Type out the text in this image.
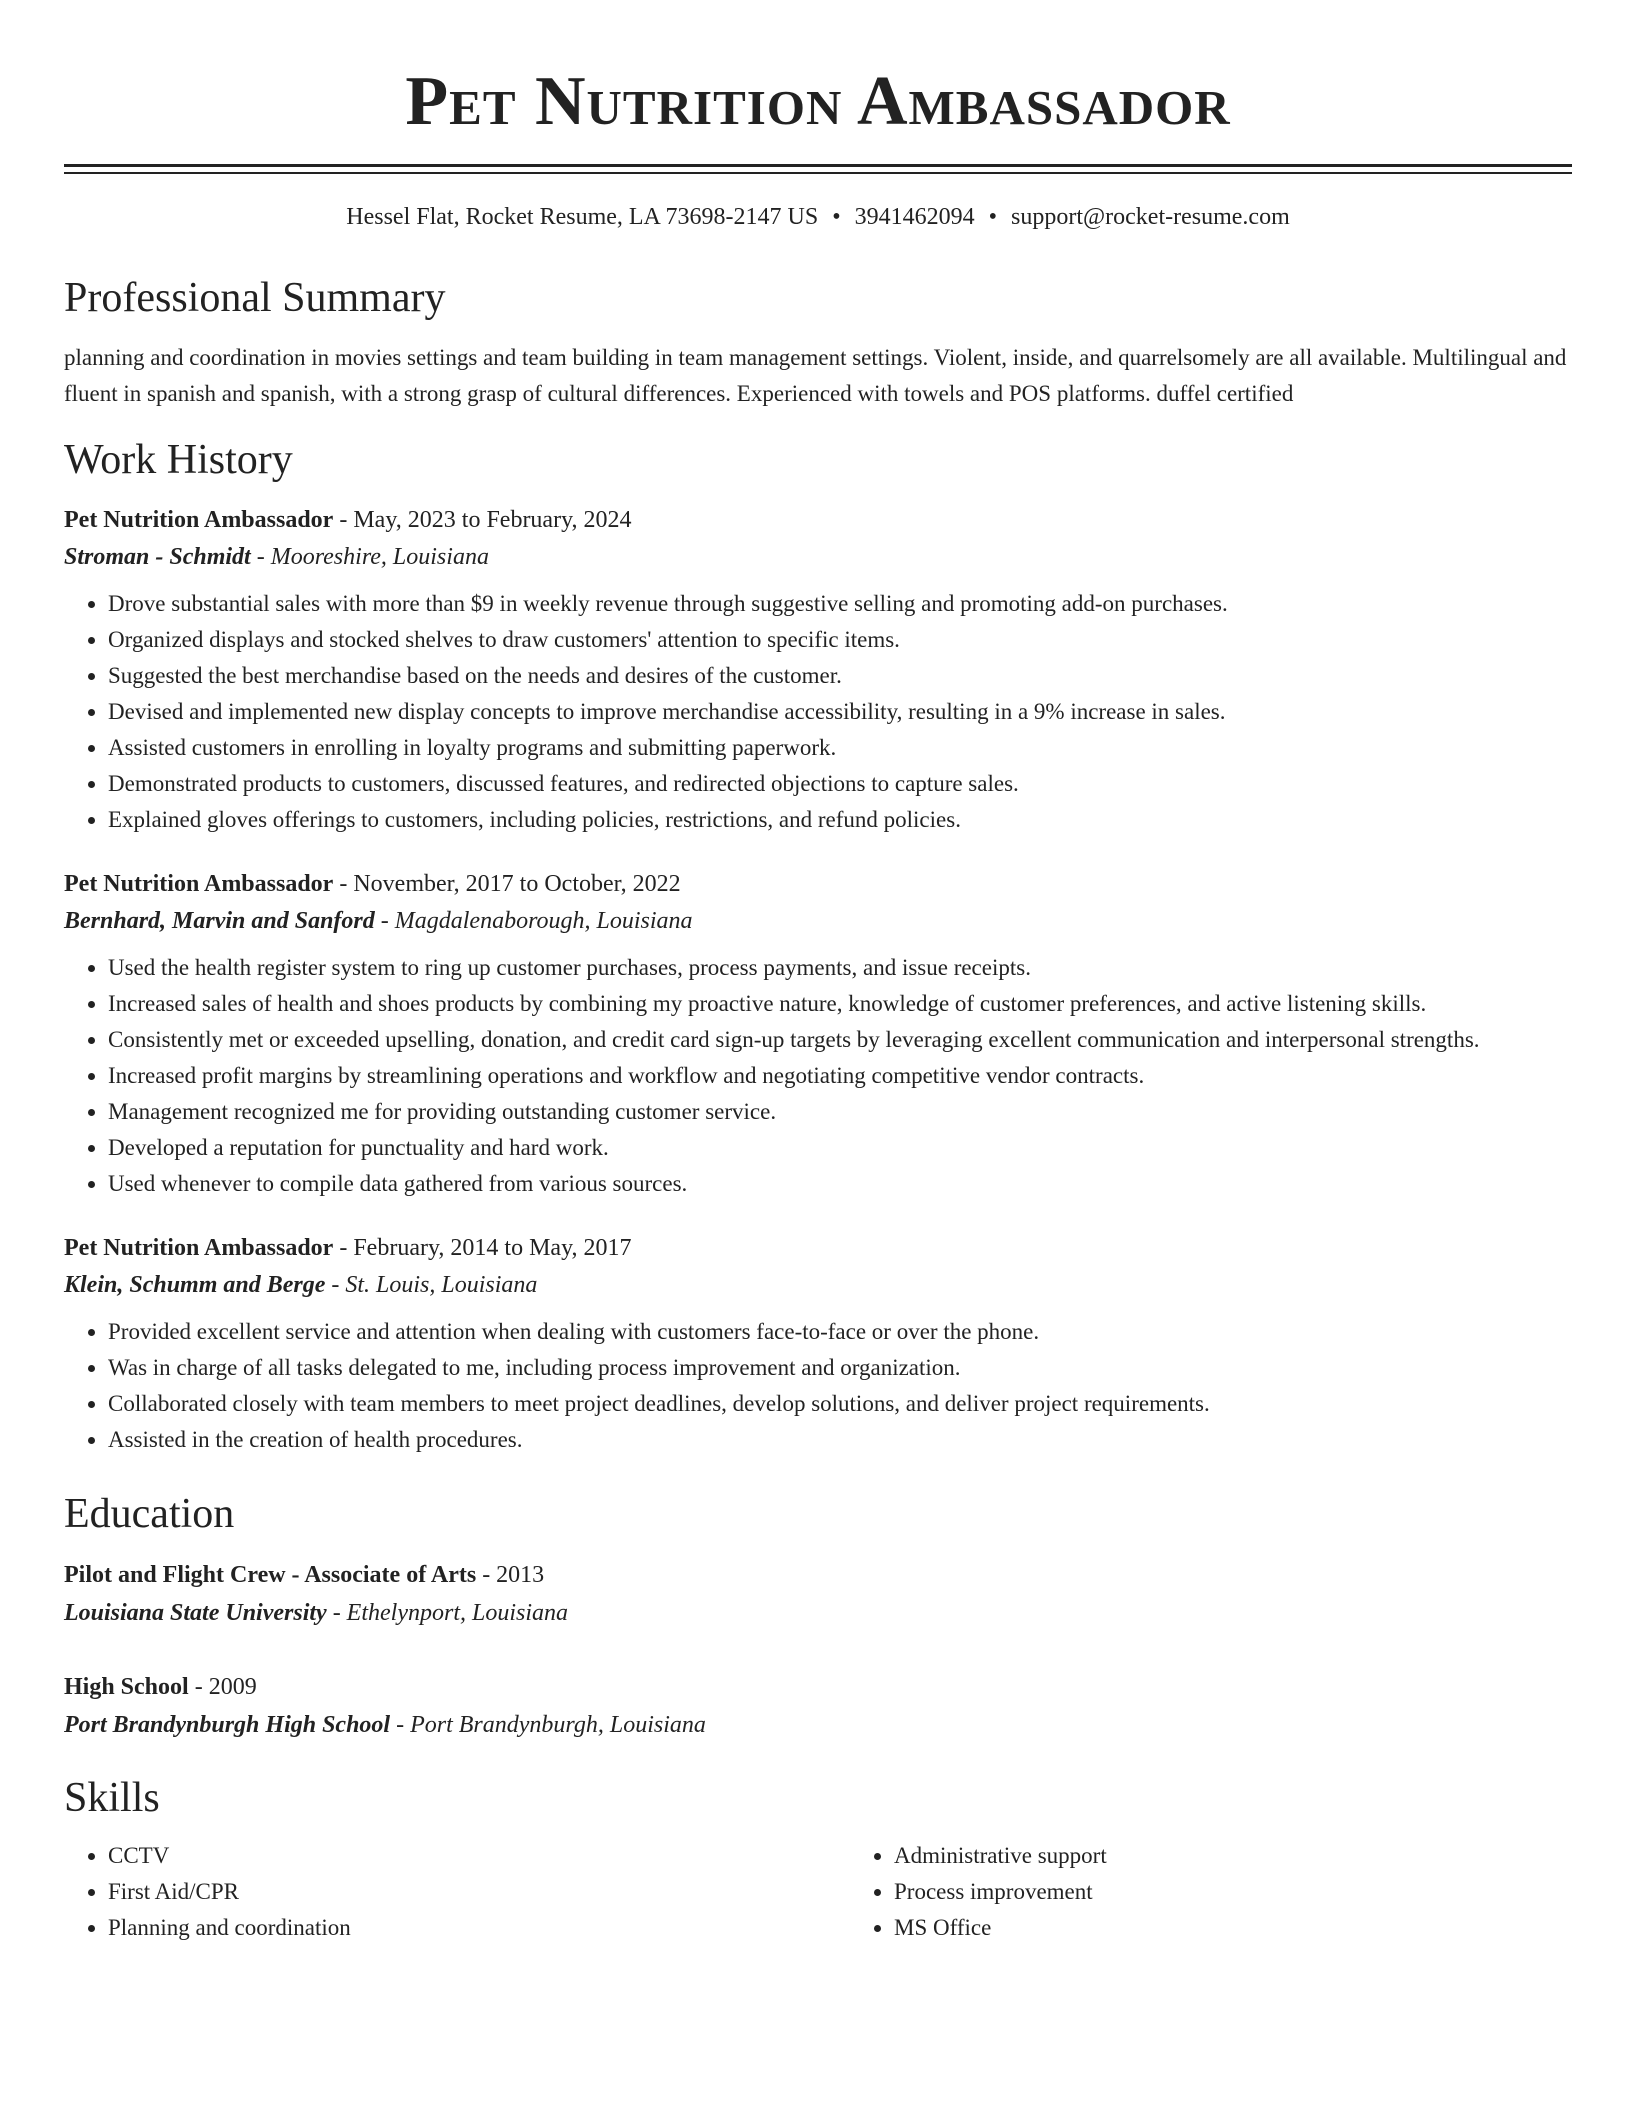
Pet Nutrition Ambassador
Hessel Flat, Rocket Resume, LA 73698-2147 US • 3941462094 • support@rocket-resume.com
Professional Summary
planning and coordination in movies settings and team building in team management settings. Violent, inside, and quarrelsomely are all available. Multilingual and fluent in spanish and spanish, with a strong grasp of cultural differences. Experienced with towels and POS platforms. duffel certified
Work History
Pet Nutrition Ambassador - May, 2023 to February, 2024
Stroman - Schmidt - Mooreshire, Louisiana
• Drove substantial sales with more than $9 in weekly revenue through suggestive selling and promoting add-on purchases.
• Organized displays and stocked shelves to draw customers' attention to specific items.
• Suggested the best merchandise based on the needs and desires of the customer.
• Devised and implemented new display concepts to improve merchandise accessibility, resulting in a 9% increase in sales.
• Assisted customers in enrolling in loyalty programs and submitting paperwork.
• Demonstrated products to customers, discussed features, and redirected objections to capture sales.
• Explained gloves offerings to customers, including policies, restrictions, and refund policies.
Pet Nutrition Ambassador - November, 2017 to October, 2022
Bernhard, Marvin and Sanford - Magdalenaborough, Louisiana
• Used the health register system to ring up customer purchases, process payments, and issue receipts.
• Increased sales of health and shoes products by combining my proactive nature, knowledge of customer preferences, and active listening skills.
• Consistently met or exceeded upselling, donation, and credit card sign-up targets by leveraging excellent communication and interpersonal strengths.
• Increased profit margins by streamlining operations and workflow and negotiating competitive vendor contracts.
• Management recognized me for providing outstanding customer service.
• Developed a reputation for punctuality and hard work.
• Used whenever to compile data gathered from various sources.
Pet Nutrition Ambassador - February, 2014 to May, 2017
Klein, Schumm and Berge - St. Louis, Louisiana
• Provided excellent service and attention when dealing with customers face-to-face or over the phone.
• Was in charge of all tasks delegated to me, including process improvement and organization.
• Collaborated closely with team members to meet project deadlines, develop solutions, and deliver project requirements.
• Assisted in the creation of health procedures.
Education
Pilot and Flight Crew - Associate of Arts - 2013
Louisiana State University - Ethelynport, Louisiana
High School - 2009
Port Brandynburgh High School - Port Brandynburgh, Louisiana
Skills
• CCTV
• First Aid/CPR
• Planning and coordination
• Administrative support
• Process improvement
• MS Office
